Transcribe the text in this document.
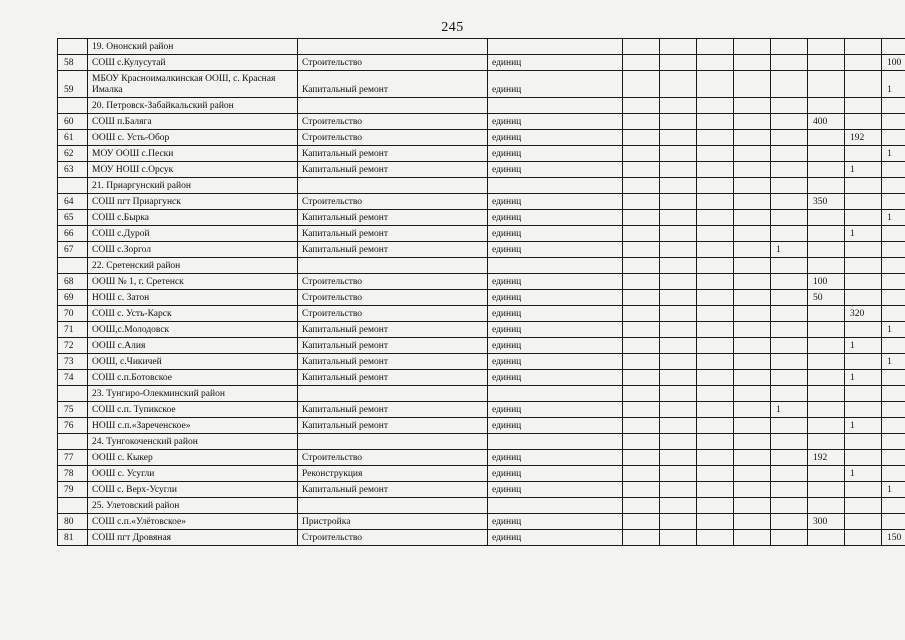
245
	19. Ононский район										
58	СОШ с.Кулусутай	Строительство	единиц								100
59	МБОУ Красноималкинская ООШ, с. Красная Ималка	Капитальный ремонт	единиц								1
	20. Петровск-Забайкальский район										
60	СОШ п.Баляга	Строительство	единиц						400		
61	ООШ с. Усть-Обор	Строительство	единиц							192	
62	МОУ ООШ с.Пески	Капитальный ремонт	единиц								1
63	МОУ НОШ с.Орсук	Капитальный ремонт	единиц							1	
	21. Приаргунский район										
64	СОШ пгт Приаргунск	Строительство	единиц						350		
65	СОШ с.Бырка	Капитальный ремонт	единиц								1
66	СОШ с.Дурой	Капитальный ремонт	единиц							1	
67	СОШ с.Зоргол	Капитальный ремонт	единиц					1			
	22. Сретенский район										
68	ООШ № 1, г. Сретенск	Строительство	единиц						100		
69	НОШ с. Затон	Строительство	единиц						50		
70	СОШ с. Усть-Карск	Строительство	единиц							320	
71	ООШ,с.Молодовск	Капитальный ремонт	единиц								1
72	ООШ с.Алия	Капитальный ремонт	единиц							1	
73	ООШ, с.Чикичей	Капитальный ремонт	единиц								1
74	СОШ с.п.Ботовское	Капитальный ремонт	единиц							1	
	23. Тунгиро-Олекминский район										
75	СОШ с.п. Тупикское	Капитальный ремонт	единиц					1			
76	НОШ с.п.«Зареченское»	Капитальный ремонт	единиц							1	
	24. Тунгокоченский район										
77	ООШ с. Кыкер	Строительство	единиц						192		
78	ООШ с. Усугли	Реконструкция	единиц							1	
79	СОШ с. Верх-Усугли	Капитальный ремонт	единиц								1
	25. Улетовский район										
80	СОШ с.п.«Улётовское»	Пристройка	единиц						300		
81	СОШ пгт Дровяная	Строительство	единиц								150
